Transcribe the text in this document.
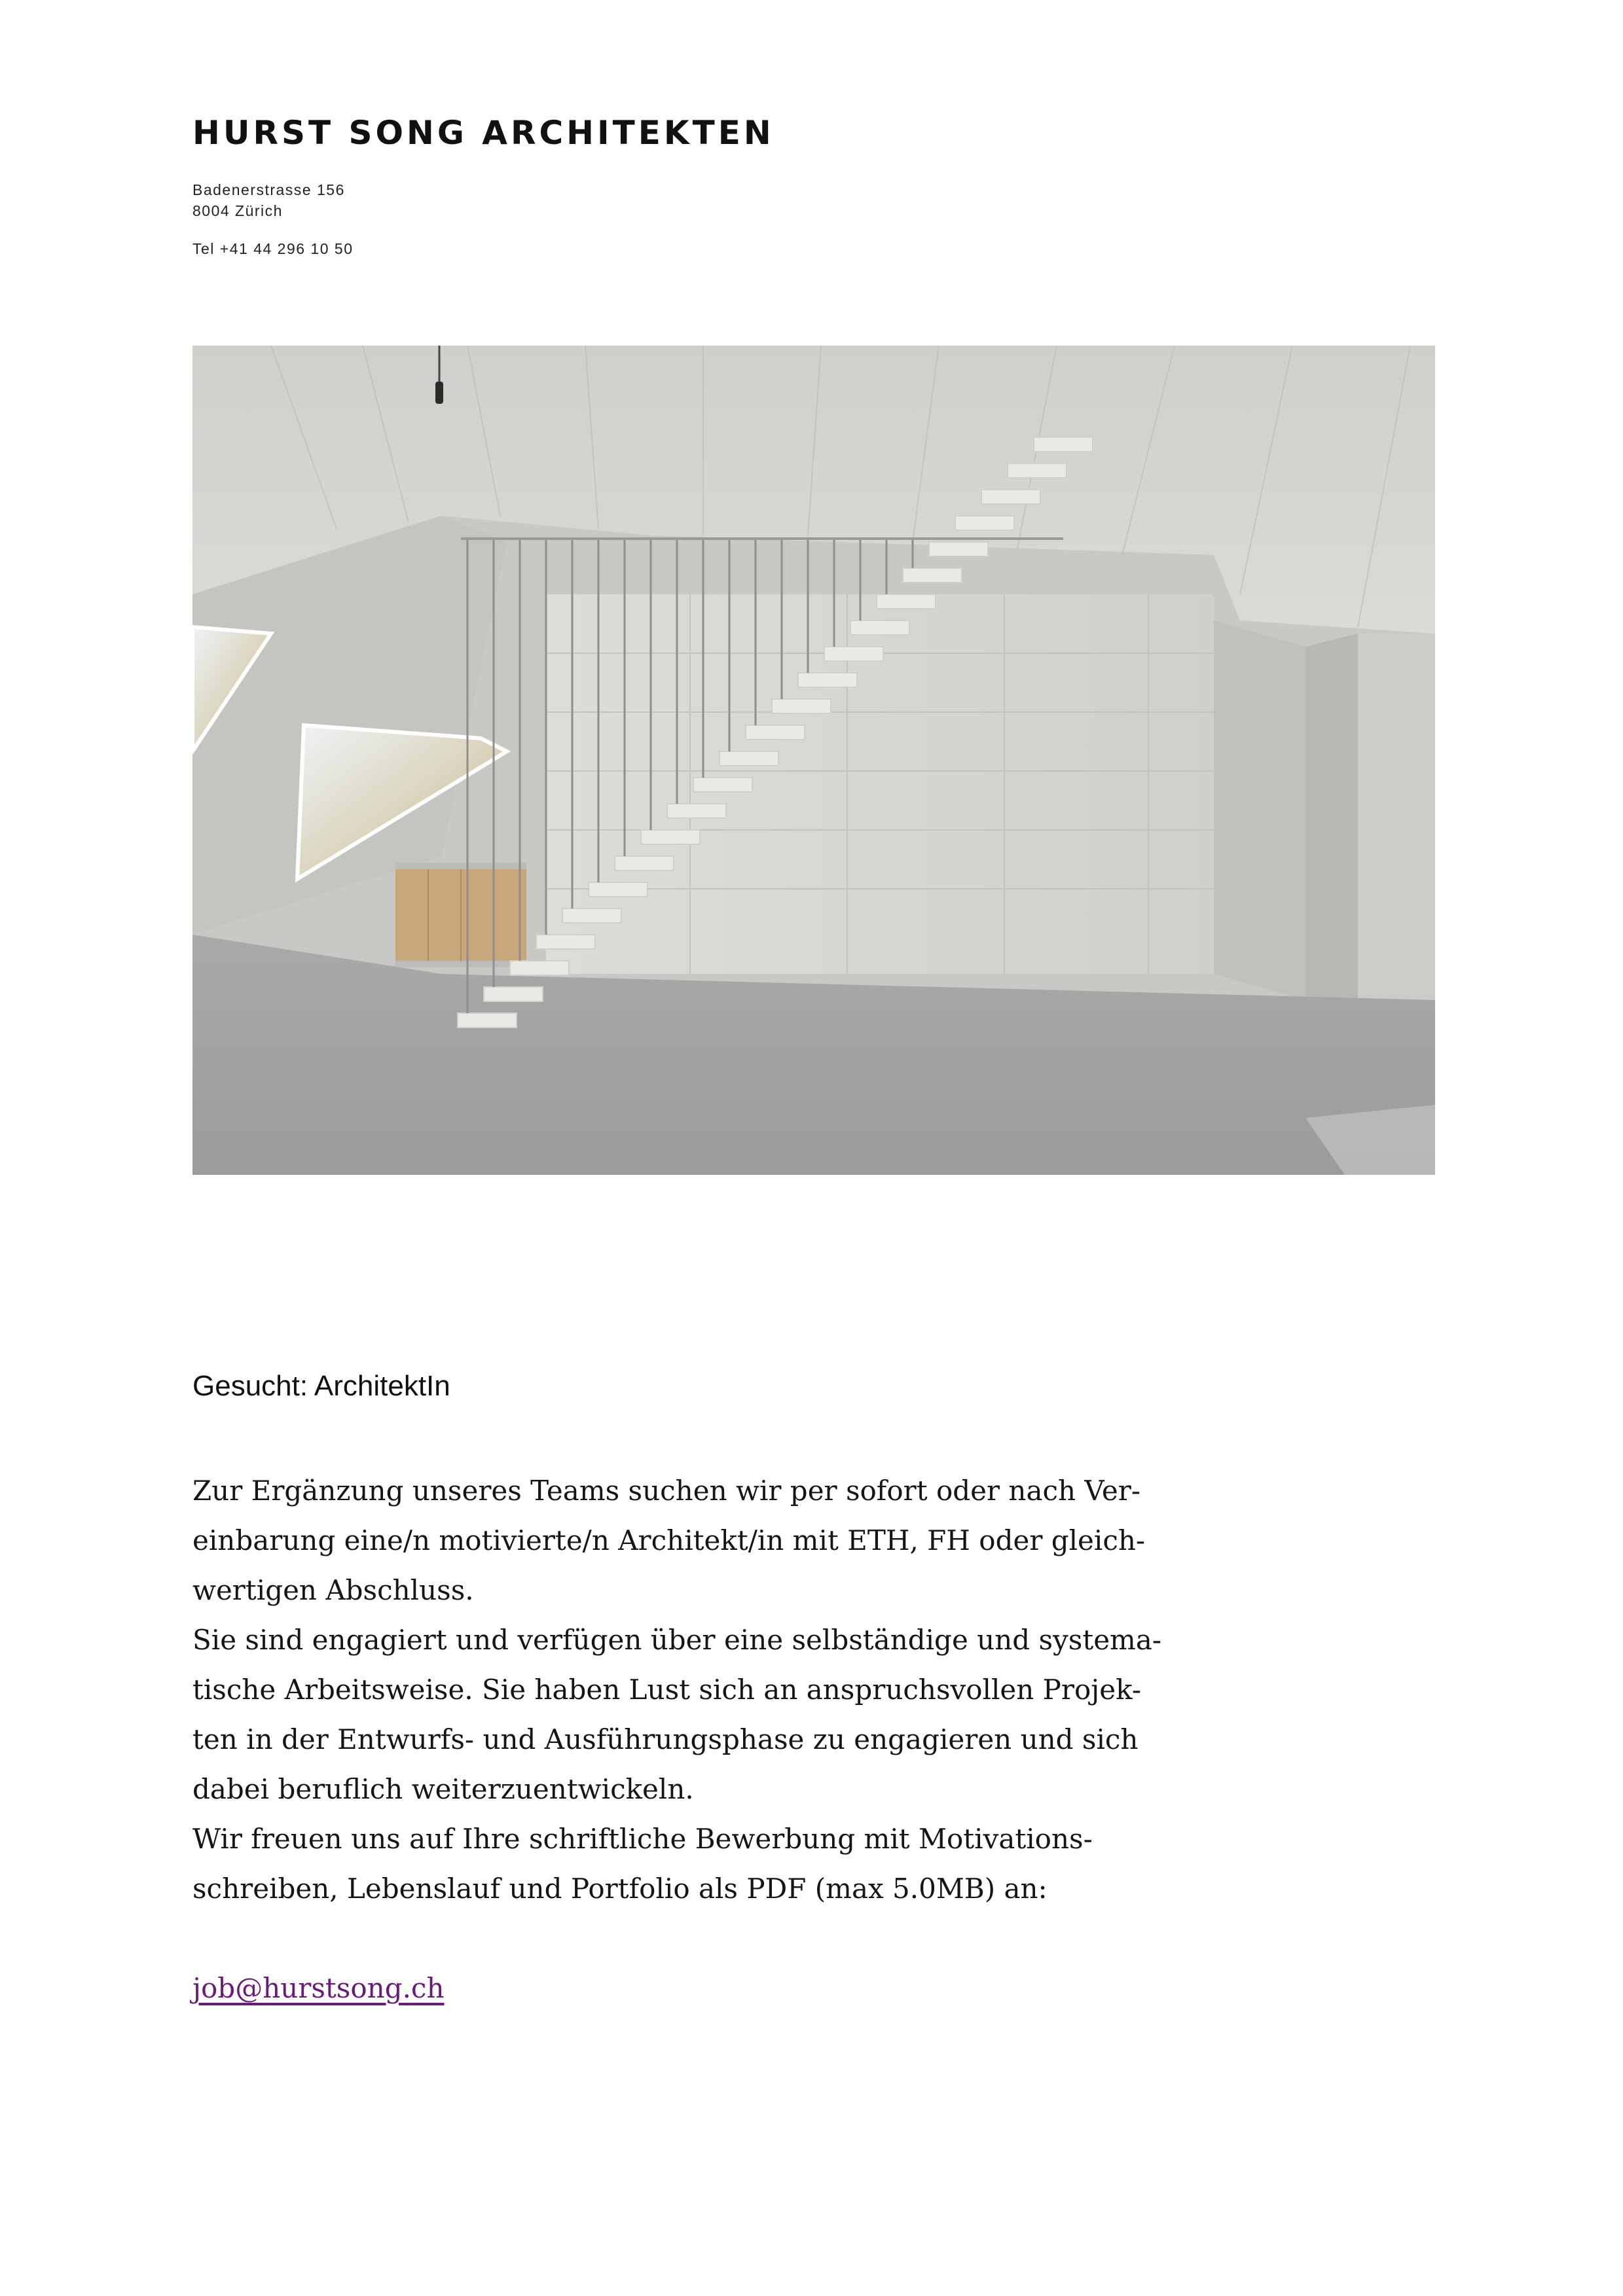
HURST SONG ARCHITEKTEN
Badenerstrasse 156
8004 Zürich
Tel +41 44 296 10 50
Gesucht: ArchitektIn
Zur Ergänzung unseres Teams suchen wir per sofort oder nach Ver-
einbarung eine/n motivierte/n Architekt/in mit ETH, FH oder gleich-
wertigen Abschluss.
Sie sind engagiert und verfügen über eine selbständige und systema-
tische Arbeitsweise. Sie haben Lust sich an anspruchsvollen Projek-
ten in der Entwurfs- und Ausführungsphase zu engagieren und sich
dabei beruflich weiterzuentwickeln.
Wir freuen uns auf Ihre schriftliche Bewerbung mit Motivations-
schreiben, Lebenslauf und Portfolio als PDF (max 5.0MB) an:
job@hurstsong.ch
